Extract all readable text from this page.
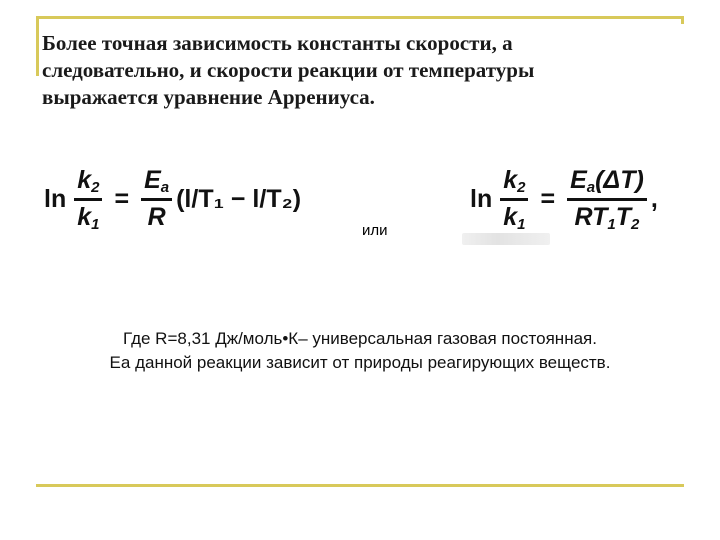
Более точная зависимость константы скорости, а
следовательно, и скорости реакции от температуры
выражается уравнение Аррениуса.
$\ln \frac{k_2}{k_1} = \frac{E_a}{R} (l/T_1 - l/T_2)$
или
$\ln \frac{k_2}{k_1} = \frac{E_a(\Delta T)}{RT_1T_2}$ ,
Где R=8,31 Дж/моль•К– универсальная газовая постоянная.
Еа данной реакции зависит от природы реагирующих веществ.
